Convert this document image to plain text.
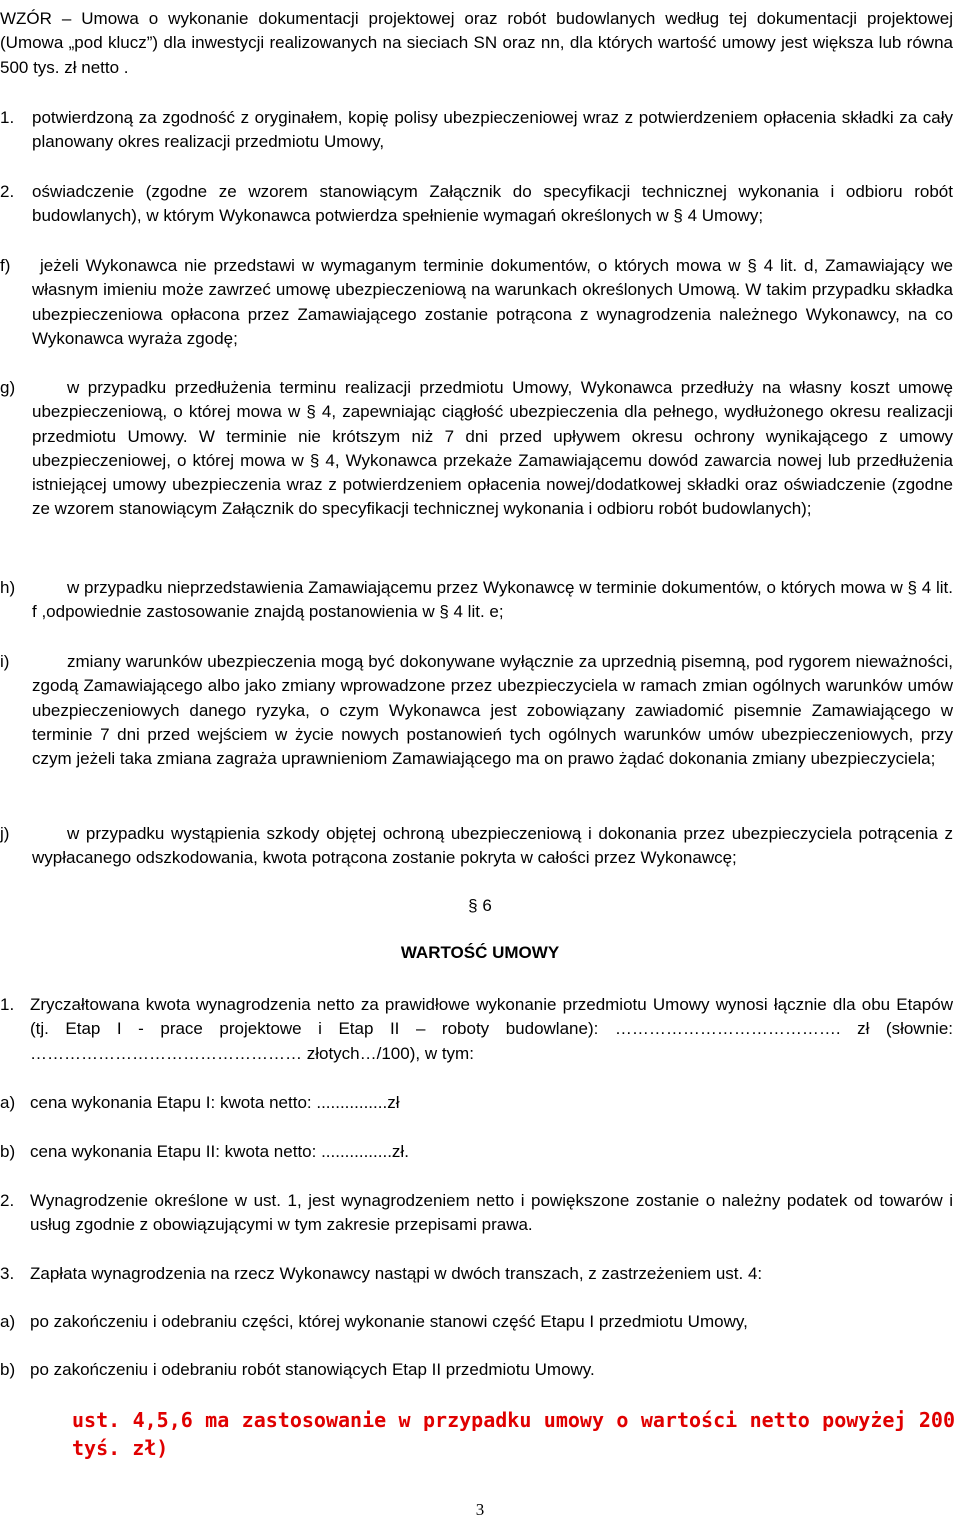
WZÓR – Umowa o wykonanie dokumentacji projektowej oraz robót budowlanych według tej dokumentacji projektowej (Umowa „pod klucz”) dla inwestycji realizowanych na sieciach SN oraz nn, dla których wartość umowy jest większa lub równa 500 tys. zł netto .

1. potwierdzoną za zgodność z oryginałem, kopię polisy ubezpieczeniowej wraz z potwierdzeniem opłacenia składki za cały planowany okres realizacji przedmiotu Umowy,
2. oświadczenie (zgodne ze wzorem stanowiącym Załącznik do specyfikacji technicznej wykonania i odbioru robót budowlanych), w którym Wykonawca potwierdza spełnienie wymagań określonych w § 4 Umowy;
f) jeżeli Wykonawca nie przedstawi w wymaganym terminie dokumentów, o których mowa w § 4 lit. d, Zamawiający we własnym imieniu może zawrzeć umowę ubezpieczeniową na warunkach określonych Umową. W takim przypadku składka ubezpieczeniowa opłacona przez Zamawiającego zostanie potrącona z wynagrodzenia należnego Wykonawcy, na co Wykonawca wyraża zgodę;
g)	w przypadku przedłużenia terminu realizacji przedmiotu Umowy, Wykonawca przedłuży na własny koszt umowę ubezpieczeniową, o której mowa w § 4, zapewniając ciągłość ubezpieczenia dla pełnego, wydłużonego okresu realizacji przedmiotu Umowy. W terminie nie krótszym niż 7 dni przed upływem okresu ochrony wynikającego z umowy ubezpieczeniowej, o której mowa w § 4, Wykonawca przekaże Zamawiającemu dowód zawarcia nowej lub przedłużenia istniejącej umowy ubezpieczenia wraz z potwierdzeniem opłacenia nowej/dodatkowej składki oraz oświadczenie (zgodne ze wzorem stanowiącym Załącznik do specyfikacji technicznej wykonania i odbioru robót budowlanych);
h)	w przypadku nieprzedstawienia Zamawiającemu przez Wykonawcę w terminie dokumentów, o których mowa w § 4 lit. f ,odpowiednie zastosowanie znajdą postanowienia w § 4 lit. e;
i)	zmiany warunków ubezpieczenia mogą być dokonywane wyłącznie za uprzednią pisemną, pod rygorem nieważności, zgodą Zamawiającego albo jako zmiany wprowadzone przez ubezpieczyciela w ramach zmian ogólnych warunków umów ubezpieczeniowych danego ryzyka, o czym Wykonawca jest zobowiązany zawiadomić pisemnie Zamawiającego w terminie 7 dni przed wejściem w życie nowych postanowień tych ogólnych warunków umów ubezpieczeniowych, przy czym jeżeli taka zmiana zagraża uprawnieniom Zamawiającego ma on prawo żądać dokonania zmiany ubezpieczyciela;
j)	w przypadku wystąpienia szkody objętej ochroną ubezpieczeniową i dokonania przez ubezpieczyciela potrącenia z wypłacanego odszkodowania, kwota potrącona zostanie pokryta w całości przez Wykonawcę;
§ 6
WARTOŚĆ UMOWY
1. Zryczałtowana kwota wynagrodzenia netto za prawidłowe wykonanie przedmiotu Umowy wynosi łącznie dla obu Etapów (tj. Etap I - prace projektowe i Etap II – roboty budowlane): …………………………………. zł (słownie: ………………………………………… złotych…/100), w tym:
a) cena wykonania Etapu I: kwota netto: ...............zł
b) cena wykonania Etapu II: kwota netto: ...............zł.
2. Wynagrodzenie określone w ust. 1, jest wynagrodzeniem netto i powiększone zostanie o należny podatek od towarów i usług zgodnie z obowiązującymi w tym zakresie przepisami prawa.
3. Zapłata wynagrodzenia na rzecz Wykonawcy nastąpi w dwóch transzach, z zastrzeżeniem ust. 4:
a) po zakończeniu i odebraniu części, której wykonanie stanowi część Etapu I przedmiotu Umowy,
b) po zakończeniu i odebraniu robót stanowiących Etap II przedmiotu Umowy.

ust. 4,5,6 ma zastosowanie w przypadku umowy o wartości netto powyżej 200 tyś. zł)

3
